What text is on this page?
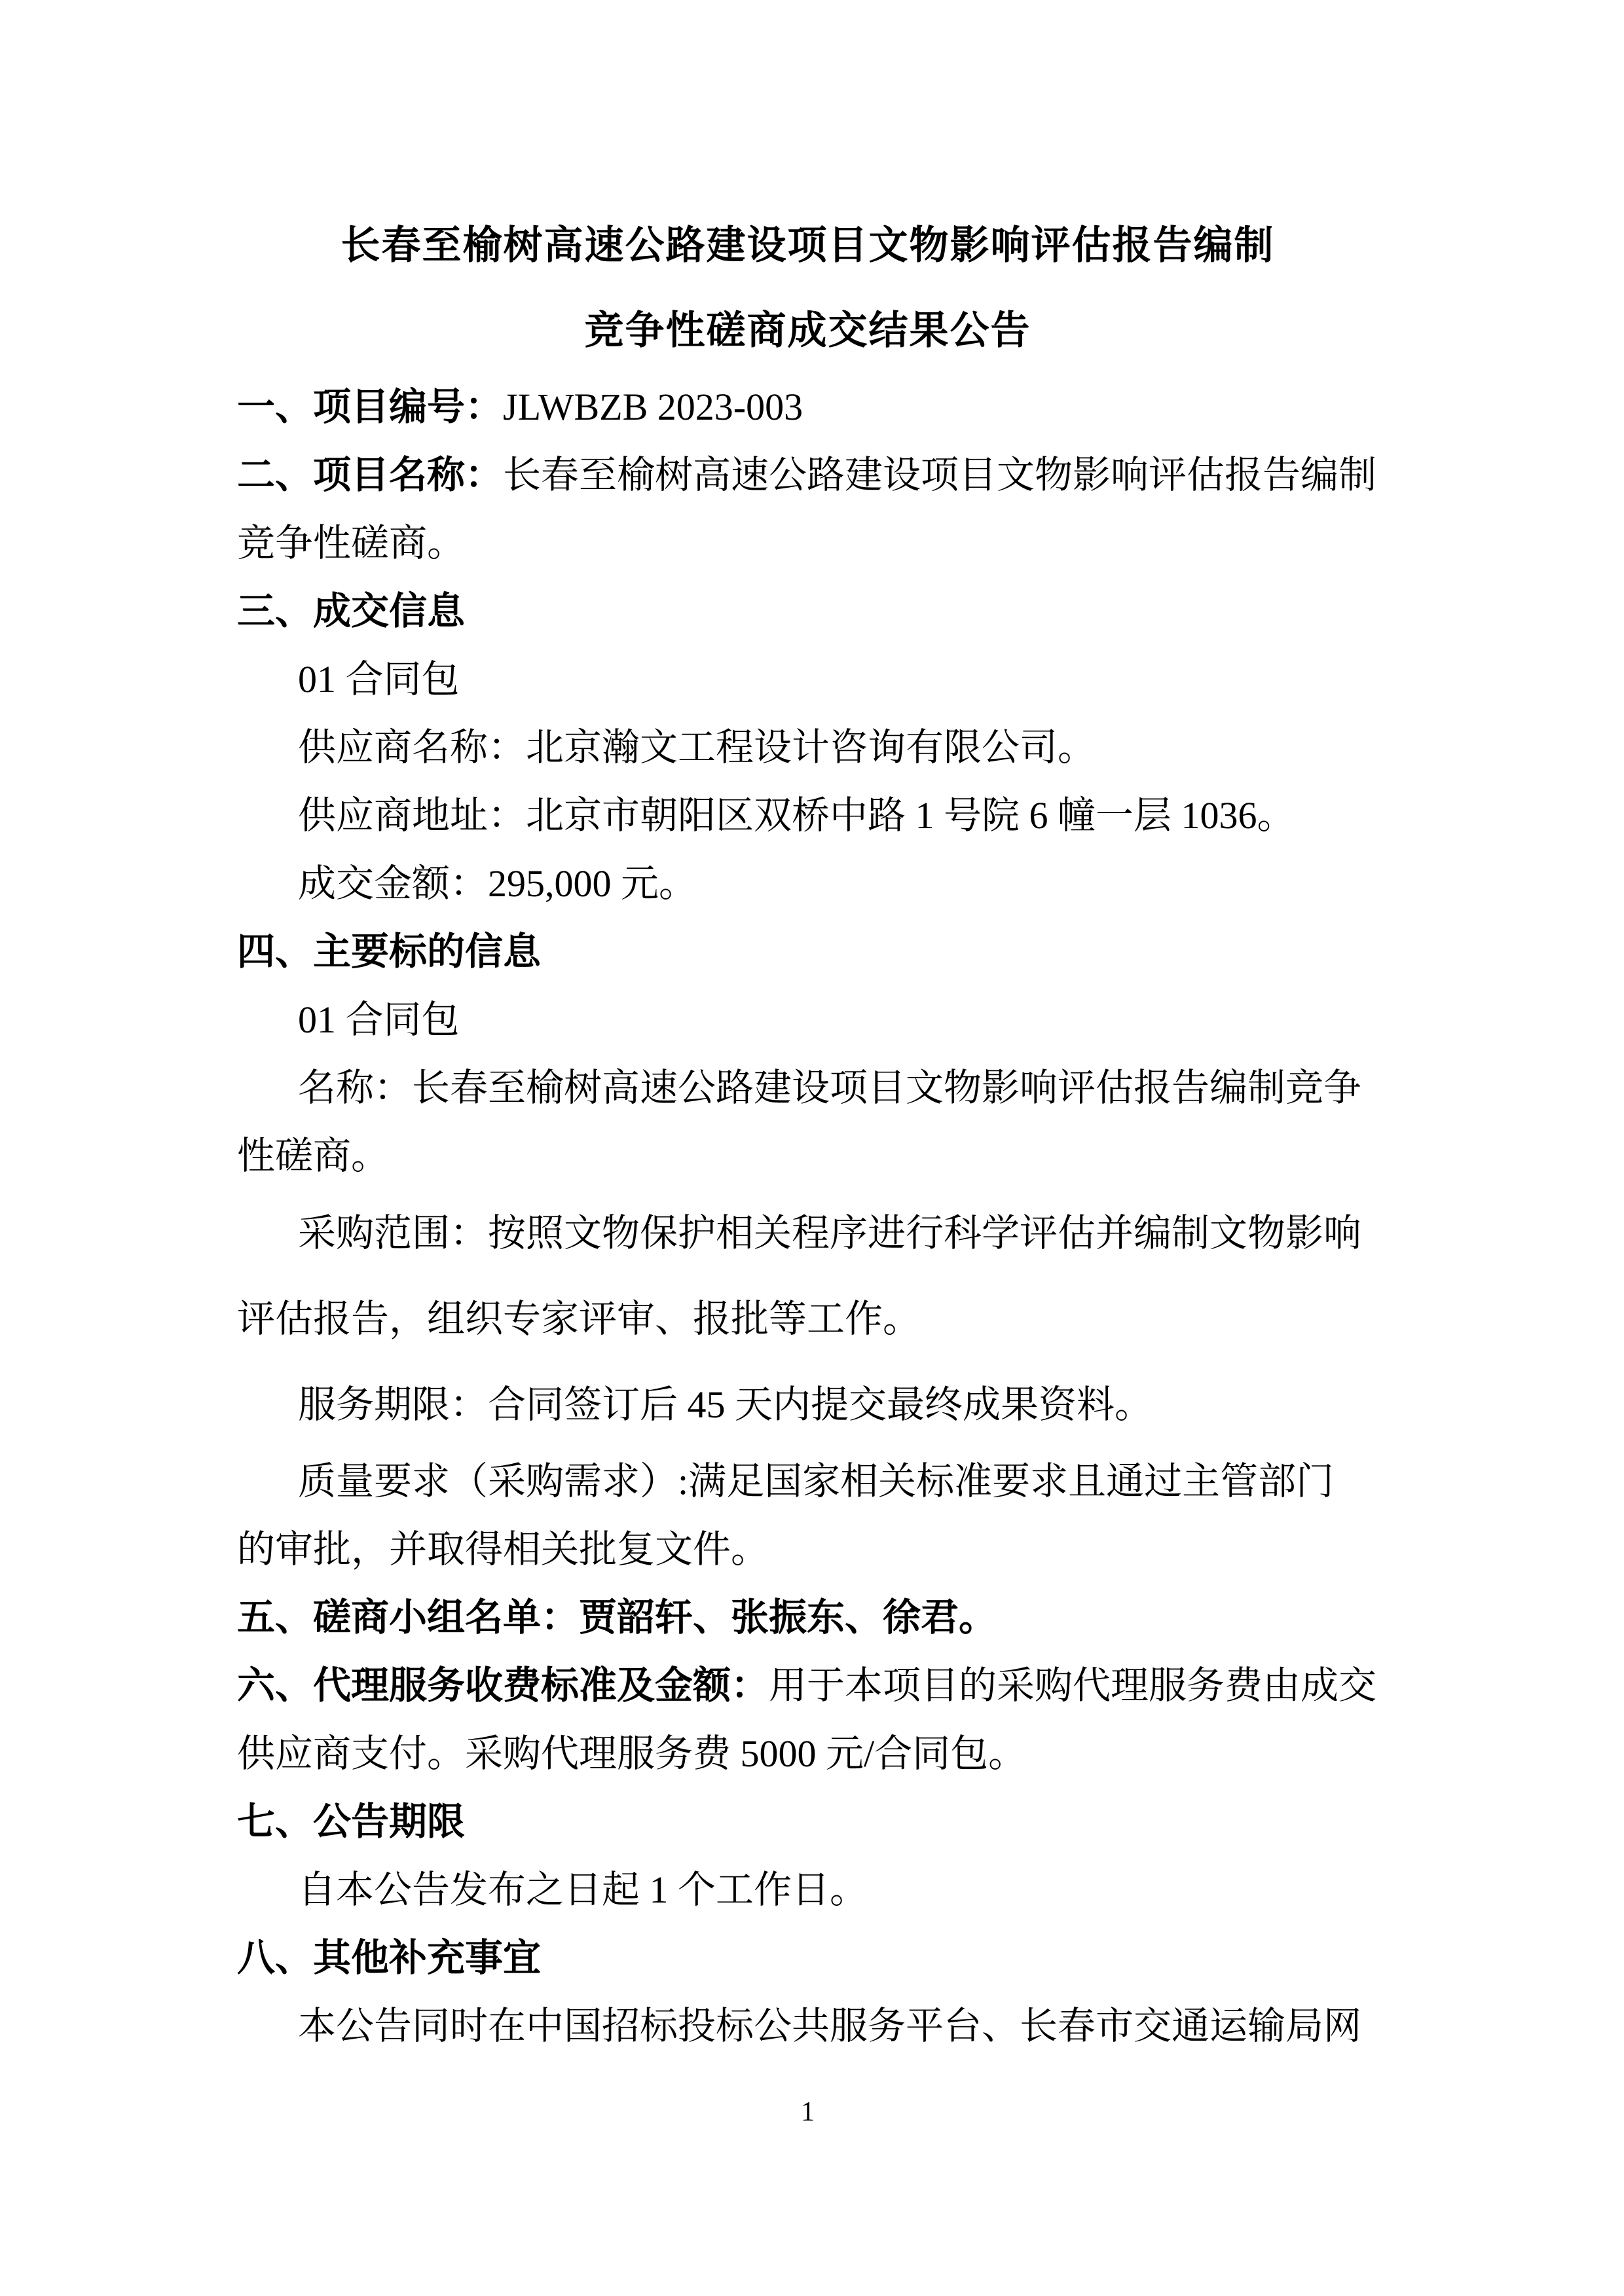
长春至榆树高速公路建设项目文物影响评估报告编制
竞争性磋商成交结果公告
一、项目编号：JLWBZB 2023-003
二、项目名称：长春至榆树高速公路建设项目文物影响评估报告编制
竞争性磋商。
三、成交信息
01 合同包
供应商名称：北京瀚文工程设计咨询有限公司。
供应商地址：北京市朝阳区双桥中路 1 号院 6 幢一层 1036。
成交金额：295,000 元。
四、主要标的信息
01 合同包
名称：长春至榆树高速公路建设项目文物影响评估报告编制竞争
性磋商。
采购范围：按照文物保护相关程序进行科学评估并编制文物影响
评估报告，组织专家评审、报批等工作。
服务期限：合同签订后 45 天内提交最终成果资料。
质量要求（采购需求）:满足国家相关标准要求且通过主管部门
的审批，并取得相关批复文件。
五、磋商小组名单：贾韶轩、张振东、徐君。
六、代理服务收费标准及金额：用于本项目的采购代理服务费由成交
供应商支付。采购代理服务费 5000 元/合同包。
七、公告期限
自本公告发布之日起 1 个工作日。
八、其他补充事宜
本公告同时在中国招标投标公共服务平台、长春市交通运输局网
1
